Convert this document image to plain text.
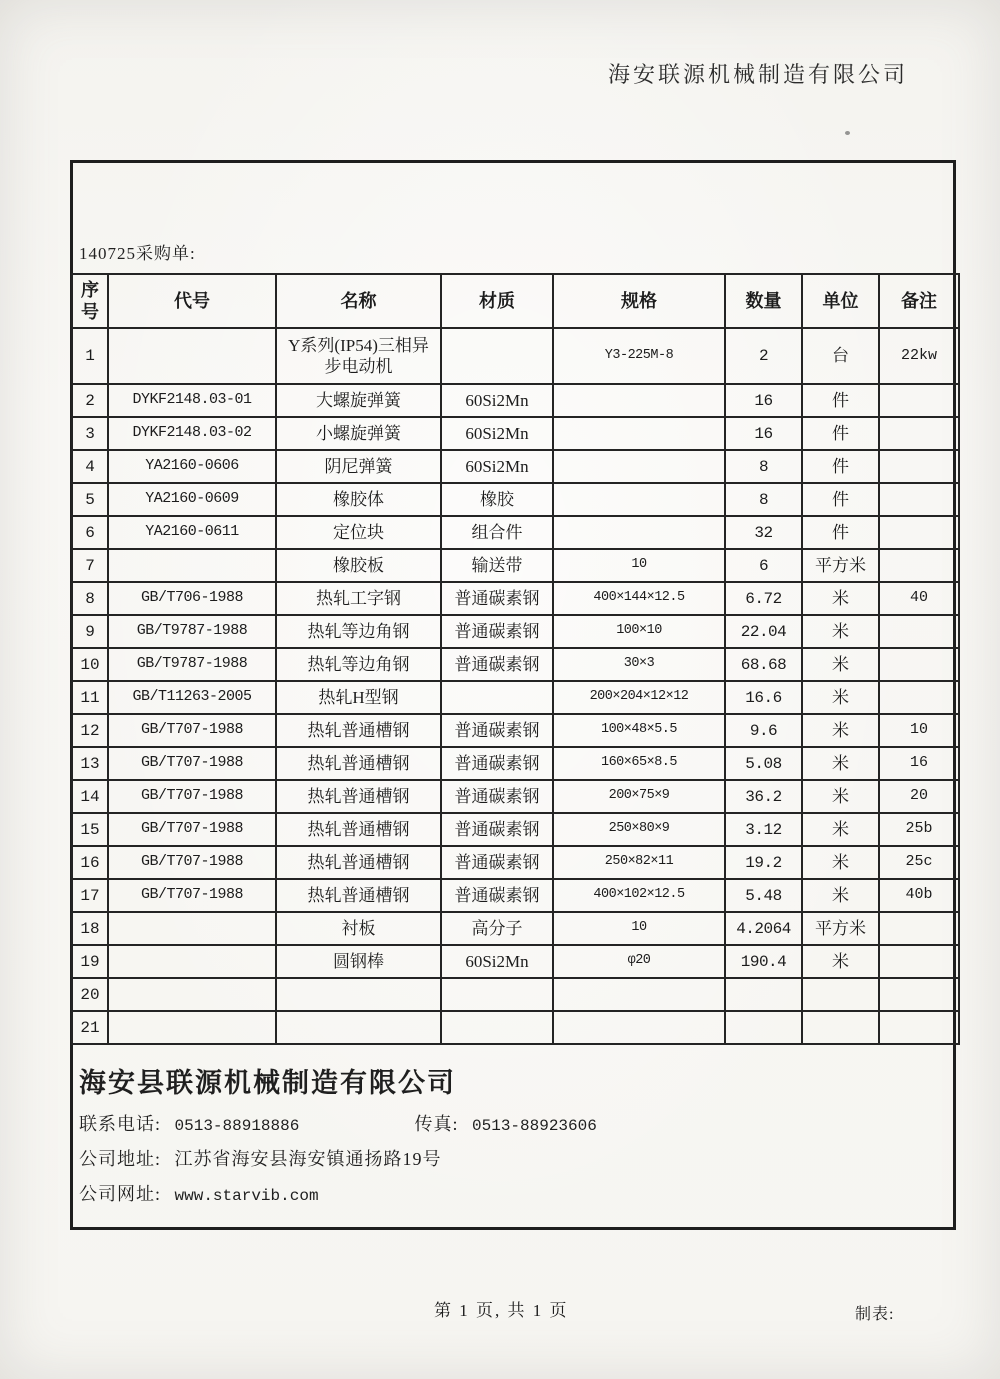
海安联源机械制造有限公司
140725采购单:
序号	代号	名称	材质	规格	数量	单位	备注
1		Y系列(IP54)三相异步电动机		Y3-225M-8	2	台	22kw
2	DYKF2148.03-01	大螺旋弹簧	60Si2Mn		16	件	
3	DYKF2148.03-02	小螺旋弹簧	60Si2Mn		16	件	
4	YA2160-0606	阴尼弹簧	60Si2Mn		8	件	
5	YA2160-0609	橡胶体	橡胶		8	件	
6	YA2160-0611	定位块	组合件		32	件	
7		橡胶板	输送带	10	6	平方米	
8	GB/T706-1988	热轧工字钢	普通碳素钢	400×144×12.5	6.72	米	40
9	GB/T9787-1988	热轧等边角钢	普通碳素钢	100×10	22.04	米	
10	GB/T9787-1988	热轧等边角钢	普通碳素钢	30×3	68.68	米	
11	GB/T11263-2005	热轧H型钢		200×204×12×12	16.6	米	
12	GB/T707-1988	热轧普通槽钢	普通碳素钢	100×48×5.5	9.6	米	10
13	GB/T707-1988	热轧普通槽钢	普通碳素钢	160×65×8.5	5.08	米	16
14	GB/T707-1988	热轧普通槽钢	普通碳素钢	200×75×9	36.2	米	20
15	GB/T707-1988	热轧普通槽钢	普通碳素钢	250×80×9	3.12	米	25b
16	GB/T707-1988	热轧普通槽钢	普通碳素钢	250×82×11	19.2	米	25c
17	GB/T707-1988	热轧普通槽钢	普通碳素钢	400×102×12.5	5.48	米	40b
18		衬板	高分子	10	4.2064	平方米	
19		圆钢棒	60Si2Mn	φ20	190.4	米	
20							
21							
海安县联源机械制造有限公司
联系电话: 0513-88918886	传真: 0513-88923606
公司地址: 江苏省海安县海安镇通扬路19号
公司网址: www.starvib.com
第 1 页, 共 1 页	制表:
